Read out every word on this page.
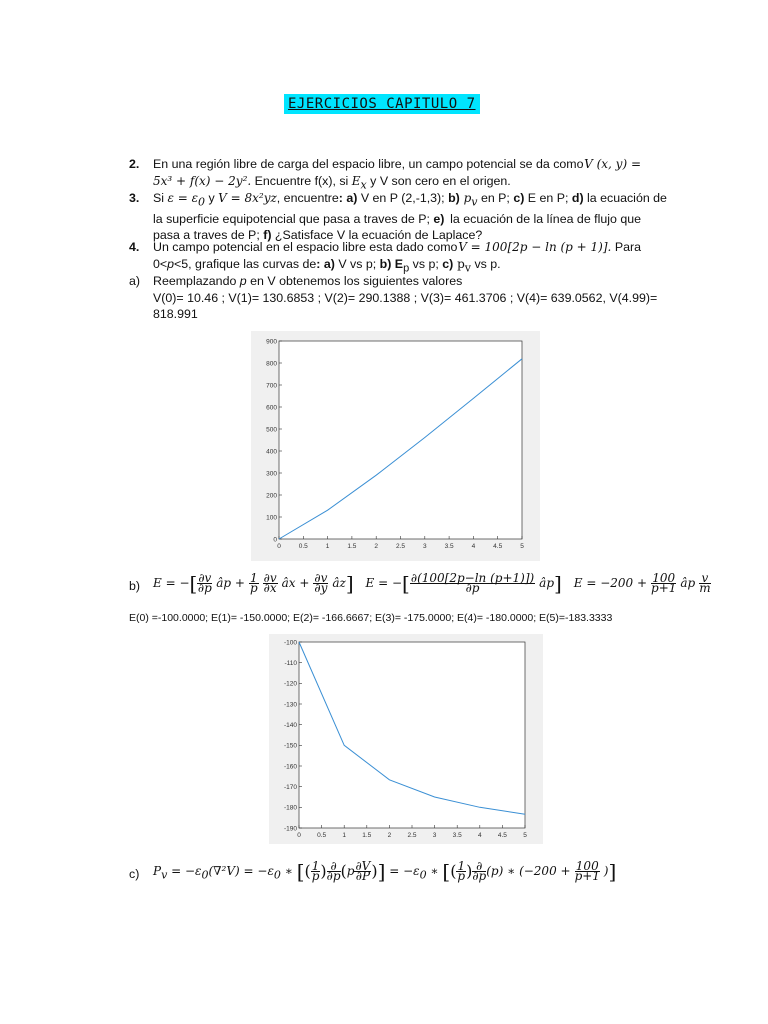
EJERCICIOS CAPITULO 7
2. En una región libre de carga del espacio libre, un campo potencial se da como V (x, y) =
5x³ + f(x) − 2y². Encuentre f(x), si $E_x$ y V son cero en el origen.
3. Si $\varepsilon = \varepsilon_0$ y V = 8x²yz, encuentre: a) V en P (2,-1,3); b) $p_v$ en P; c) E en P; d) la ecuación de
la superficie equipotencial que pasa a traves de P; e) la ecuación de la línea de flujo que
pasa a traves de P; f) ¿Satisface V la ecuación de Laplace?
4. Un campo potencial en el espacio libre esta dado como V = 100[2p − ln (p + 1)]. Para
0<p<5, grafique las curvas de: a) V vs p; b) $E_p$ vs p; c) $p_v$ vs p.
a) Reemplazando p en V obtenemos los siguientes valores
V(0)= 10.46 ; V(1)= 130.6853 ; V(2)= 290.1388 ; V(3)= 461.3706 ; V(4)= 639.0562, V(4.99)=
818.991
0	0.5	1	1.5	2	2.5	3	3.5	4	4.5	5
0
100
200
300
400
500
600
700
800
900
b) E = −[ $\frac{\partial v}{\partial p}$ âp + $\frac{1}{p}$
$\frac{\partial v}{\partial x}$ âx + $\frac{\partial v}{\partial y}$ âz] E = −[ $\frac{\partial(100[2p-\ln (p+1)])}{\partial p}$ âp] $E = -200 + \frac{100}{p+1}$ âp $\frac{v}{m}$
E(0) =-100.0000; E(1)= -150.0000; E(2)= -166.6667; E(3)= -175.0000; E(4)= -180.0000; E(5)=-183.3333
0	0.5	1	1.5	2	2.5	3	3.5	4	4.5	5
-100
-110
-120
-130
-140
-150
-160
-170
-180
-190
c) $P_v = -\varepsilon_0(\nabla^2V) = -\varepsilon_0$ ∗ [( $\frac{1}{p}$ ) $\frac{\partial}{\partial p} (p \frac{\partial V}{\partial P}$ )] = $-\varepsilon_0$ ∗ [( $\frac{1}{p}$ ) $\frac{\partial}{\partial p} (p)$ ∗ ($-200 + \frac{100}{p+1}$ )]
